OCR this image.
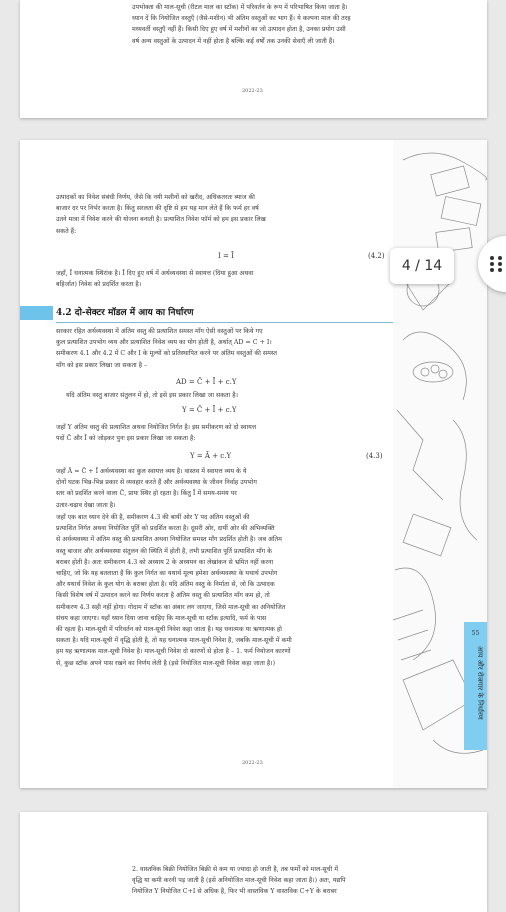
उपभोक्ता की माल-सूची (रीटल माल का स्टॉक) में परिवर्तन के रूप में परिभाषित किया जाता है।
ध्यान दें कि नियोजित वस्तुएँ (जैसे-मशीन) भी अंतिम वस्तुओं का भाग हैं। ये कल्पना माल की तरह
मध्यवर्ती वस्तुएँ नहीं हैं। किसी दिए हुए वर्ष में मशीनों का जो उत्पादन होता है, उनका प्रयोग उसी
वर्ष अन्य वस्तुओं के उत्पादन में नहीं होता है बल्कि कई वर्षों तक उनकी सेवाएँ ली जाती हैं।
2022-23
उत्पादकों का निवेश संबंधी निर्णय, जैसे कि नयी मशीनों को खरीद, अधिकतरतः ब्याज की
बाजार दर पर निर्भर करता है। किंतु सरलता की दृष्टि से हम यह मान लेते हैं कि फर्म हर वर्ष
उतने मात्रा में निवेश करने की योजना बनाती है। प्रत्याशित निवेश फॉर्म को हम इस प्रकार लिख
सकते हैं:
I = Ī	(4.2)
जहाँ, Ī धनात्मक स्थिरांक है। Ī दिए हुए वर्ष में अर्थव्यवस्था से स्वायत्त (दिया हुआ अथवा
बहिर्जात) निवेश को प्रदर्शित करता है।
4.2 दो-सेक्टर मॉडल में आय का निर्धारण
सरकार रहित अर्थव्यवस्था में अंतिम वस्तु की प्रत्याशित समस्त माँग ऐसी वस्तुओं पर किये गए
कुल प्रत्याशित उपभोग व्यय और प्रत्याशित निवेश व्यय का योग होती है, अर्थात् AD = C + I।
समीकरण 4.1 और 4.2 में C और I के मूल्यों को प्रतिस्थापित करने पर अंतिम वस्तुओं की समस्त
माँग को इस प्रकार लिखा जा सकता है –
AD = C̄ + Ī + c.Y
यदि अंतिम वस्तु बाजार संतुलन में हो, तो इसे इस प्रकार लिखा जा सकता है।
Y = C̄ + Ī + c.Y
जहाँ Y अंतिम वस्तु की प्रत्याशित अथवा नियोजित निर्गत है। इस समीकरण को दो स्वायत्त
पदों C̄ और Ī को जोड़कर पुनः इस प्रकार लिखा जा सकता है:
Y = Ā + c.Y	(4.3)
जहाँ Ā = C̄ + Ī अर्थव्यवस्था का कुल स्वायत्त व्यय है। वास्तव में स्वायत्त व्यय के ये
दोनों घटक भिन्न-भिन्न प्रकार से व्यवहार करते हैं और अर्थव्यवस्था के जीवन निर्वाह उपभोग
स्तर को प्रदर्शित करने वाला C̄, प्रायः स्थिर हो रहता है। किंतु Ī में समय-समय पर
उतार-चढ़ाव देखा जाता है।
जहाँ एक बात ध्यान देने की है, समीकरण 4.3 की बायीं ओर Y पद अंतिम वस्तुओं की
प्रत्याशित निर्गत अथवा नियोजित पूर्ति को प्रदर्शित करता है। दूसरी ओर, दायीं ओर की अभिव्यक्ति
से अर्थव्यवस्था में अंतिम वस्तु की प्रत्याशित अथवा नियोजित समस्त माँग प्रदर्शित होती है। जब अंतिम
वस्तु बाजार और अर्थव्यवस्था संतुलन की स्थिति में होती है, तभी प्रत्याशित पूर्ति प्रत्याशित माँग के
बराबर होती है। अतः समीकरण 4.3 को अध्याय 2 के अध्ययन का लेखांकन से भ्रमित नहीं करना
चाहिए, जो कि यह बतलाता है कि कुल निर्गत का यथार्थ मूल्य हमेशा अर्थव्यवस्था के यथार्थ उपभोग
और यथार्थ निवेश के कुल योग के बराबर होता है। यदि अंतिम वस्तु के निर्माता से, जो कि उत्पादक
किसी विशेष वर्ष में उत्पादन करने का निर्णय करता है अंतिम वस्तु की प्रत्याशित माँग कम हो, तो
समीकरण 4.3 सही नहीं होगा। गोदाम में स्टॉक का अंबार लग जाएगा, जिसे माल-सूची का अनियोजित
संचय कहा जाएगा। यहाँ ध्यान दिया जाना चाहिए कि माल-सूची या स्टॉक इत्यादि, फर्म के पास
की रहता है। माल-सूची में परिवर्तन को माल-सूची निवेश कहा जाता है। यह धनात्मक या ऋणात्मक हो
सकता है। यदि माल-सूची में वृद्धि होती है, तो यह धनात्मक माल-सूची निवेश है, जबकि माल-सूची में कमी
हम यह ऋणात्मक माल-सूची निवेश है। माल-सूची निवेश दो कारणों से होता है – 1. फर्म नियोजन कारणों
से, कुछ स्टॉक अपने पास रखने का निर्णय लेती है (इसे नियोजित माल-सूची निवेश कहा जाता है।)
2022-23
55
आय और रोजगार के निर्धारण
2. वास्तविक बिक्री नियोजित बिक्री से कम या ज्यादा हो जाती है, तब फर्मों को माल-सूची में
वृद्धि या कमी करनी पड़ जाती है (इसे अनियोजित माल-सूची निवेश कहा जाता है।) अतः, यद्यपि
नियोजित Y नियोजित C+I से अधिक है, फिर भी वास्तविक Y वास्तविक C+Y के बराबर
4 / 14
